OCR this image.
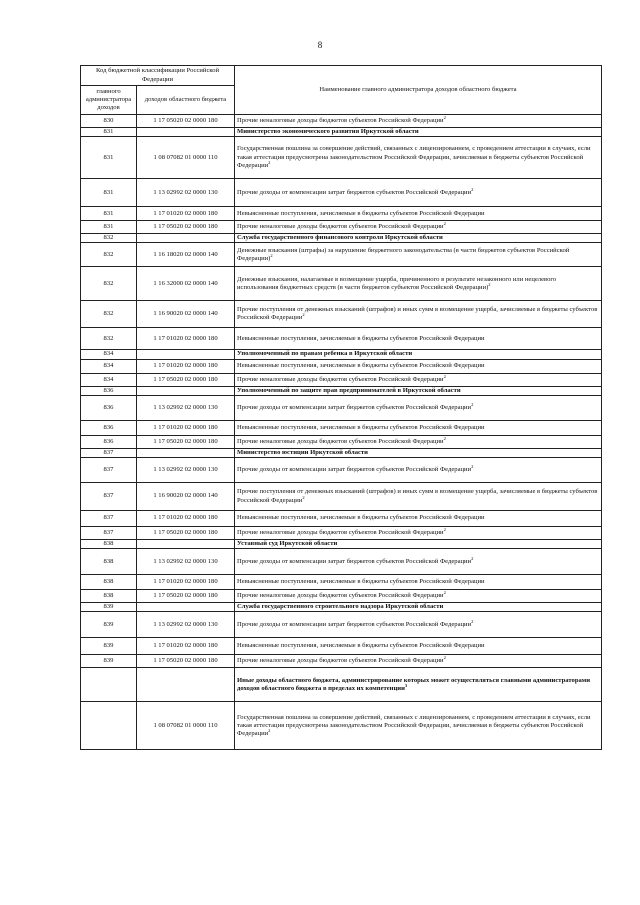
8
Код бюджетной классификации Российской Федерации		Наименование главного администратора доходов областного бюджета
главного администратора доходов	доходов областного бюджета	
830	1 17 05020 02 0000 180	Прочие неналоговые доходы бюджетов субъектов Российской Федерации$^2$
831		Министерство экономического развития Иркутской области
831	1 08 07082 01 0000 110	Государственная пошлина за совершение действий, связанных с лицензированием, с проведением аттестации в случаях, если такая аттестация предусмотрена законодательством Российской Федерации, зачисляемая в бюджеты субъектов Российской Федерации$^2$
831	1 13 02992 02 0000 130	Прочие доходы от компенсации затрат бюджетов субъектов Российской Федерации$^2$
831	1 17 01020 02 0000 180	Невыясненные поступления, зачисляемые в бюджеты субъектов Российской Федерации
831	1 17 05020 02 0000 180	Прочие неналоговые доходы бюджетов субъектов Российской Федерации$^2$
832		Служба государственного финансового контроля Иркутской области
832	1 16 18020 02 0000 140	Денежные взыскания (штрафы) за нарушение бюджетного законодательства (в части бюджетов субъектов Российской Федерации)$^2$
832	1 16 32000 02 0000 140	Денежные взыскания, налагаемые в возмещение ущерба, причиненного в результате незаконного или нецелевого использования бюджетных средств (в части бюджетов субъектов Российской Федерации)$^2$
832	1 16 90020 02 0000 140	Прочие поступления от денежных взысканий (штрафов) и иных сумм в возмещение ущерба, зачисляемые в бюджеты субъектов Российской Федерации$^2$
832	1 17 01020 02 0000 180	Невыясненные поступления, зачисляемые в бюджеты субъектов Российской Федерации
834		Уполномоченный по правам ребенка в Иркутской области
834	1 17 01020 02 0000 180	Невыясненные поступления, зачисляемые в бюджеты субъектов Российской Федерации
834	1 17 05020 02 0000 180	Прочие неналоговые доходы бюджетов субъектов Российской Федерации$^2$
836		Уполномоченный по защите прав предпринимателей в Иркутской области
836	1 13 02992 02 0000 130	Прочие доходы от компенсации затрат бюджетов субъектов Российской Федерации$^2$
836	1 17 01020 02 0000 180	Невыясненные поступления, зачисляемые в бюджеты субъектов Российской Федерации
836	1 17 05020 02 0000 180	Прочие неналоговые доходы бюджетов субъектов Российской Федерации$^2$
837		Министерство юстиции Иркутской области
837	1 13 02992 02 0000 130	Прочие доходы от компенсации затрат бюджетов субъектов Российской Федерации$^2$
837	1 16 90020 02 0000 140	Прочие поступления от денежных взысканий (штрафов) и иных сумм в возмещение ущерба, зачисляемые в бюджеты субъектов Российской Федерации$^2$
837	1 17 01020 02 0000 180	Невыясненные поступления, зачисляемые в бюджеты субъектов Российской Федерации
837	1 17 05020 02 0000 180	Прочие неналоговые доходы бюджетов субъектов Российской Федерации$^2$
838		Уставный суд Иркутской области
838	1 13 02992 02 0000 130	Прочие доходы от компенсации затрат бюджетов субъектов Российской Федерации$^2$
838	1 17 01020 02 0000 180	Невыясненные поступления, зачисляемые в бюджеты субъектов Российской Федерации
838	1 17 05020 02 0000 180	Прочие неналоговые доходы бюджетов субъектов Российской Федерации$^2$
839		Служба государственного строительного надзора Иркутской области
839	1 13 02992 02 0000 130	Прочие доходы от компенсации затрат бюджетов субъектов Российской Федерации$^2$
839	1 17 01020 02 0000 180	Невыясненные поступления, зачисляемые в бюджеты субъектов Российской Федерации
839	1 17 05020 02 0000 180	Прочие неналоговые доходы бюджетов субъектов Российской Федерации$^2$
		Иные доходы областного бюджета, администрирование которых может осуществляться главными администраторами доходов областного бюджета в пределах их компетенции$^3$
	1 08 07082 01 0000 110	Государственная пошлина за совершение действий, связанных с лицензированием, с проведением аттестации в случаях, если такая аттестация предусмотрена законодательством Российской Федерации, зачисляемая в бюджеты субъектов Российской Федерации$^2$
